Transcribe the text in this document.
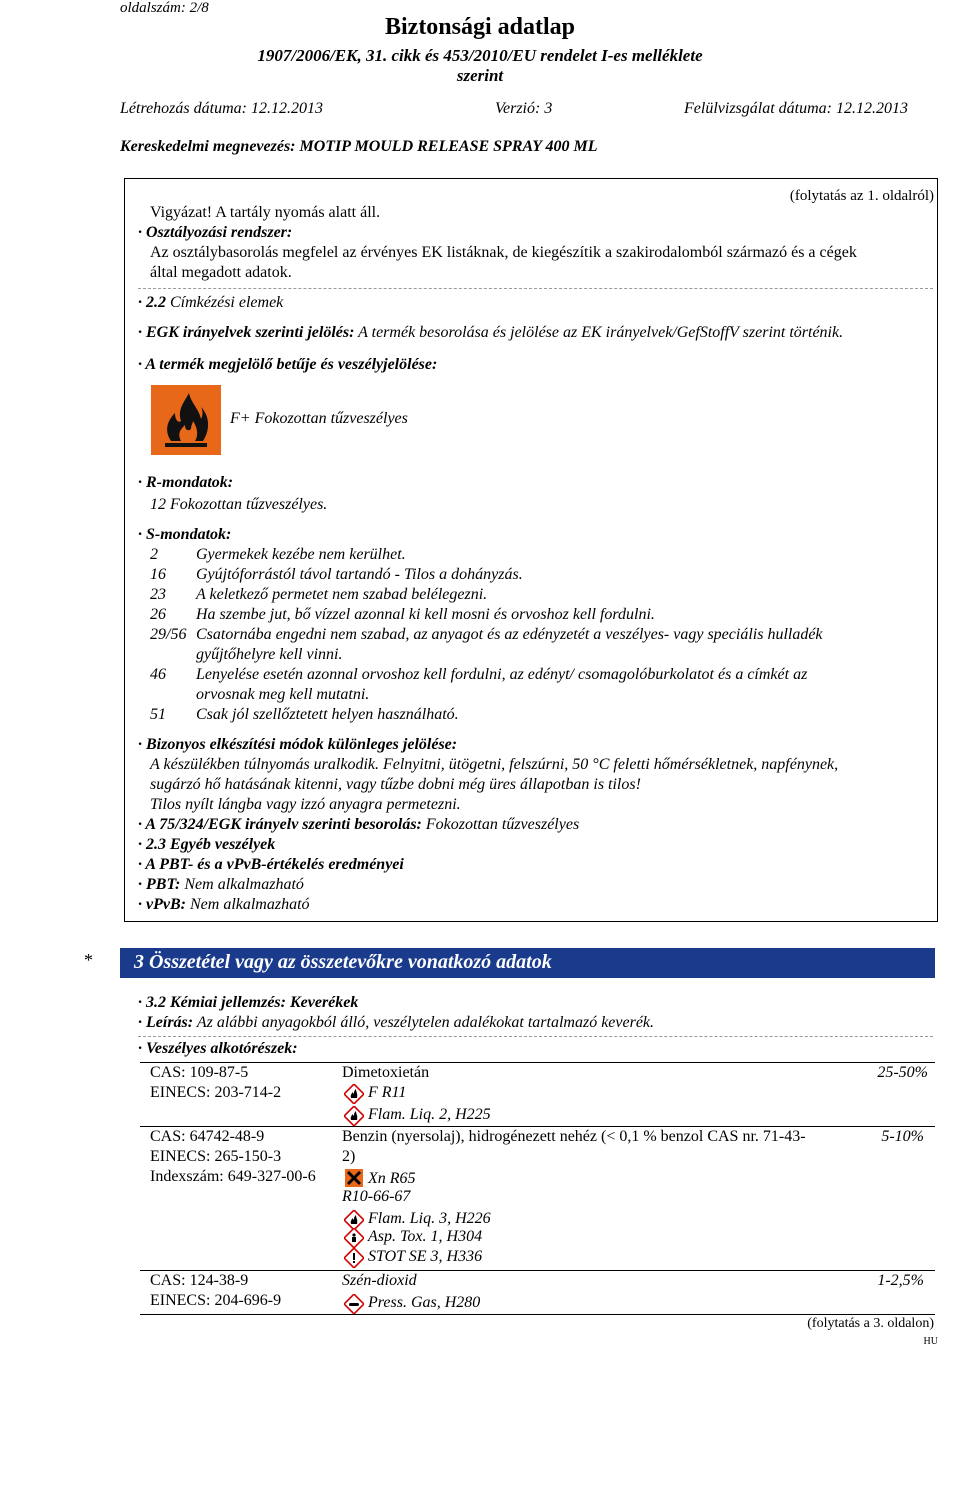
oldalszám: 2/8
Biztonsági adatlap
1907/2006/EK, 31. cikk és 453/2010/EU rendelet I-es melléklete
szerint
Létrehozás dátuma: 12.12.2013	Verzió: 3	Felülvizsgálat dátuma: 12.12.2013
Kereskedelmi megnevezés: MOTIP MOULD RELEASE SPRAY 400 ML
(folytatás az 1. oldalról)
Vigyázat! A tartály nyomás alatt áll.
· Osztályozási rendszer:
Az osztálybasorolás megfelel az érvényes EK listáknak, de kiegészítik a szakirodalomból származó és a cégek
által megadott adatok.
· 2.2 Címkézési elemek
· EGK irányelvek szerinti jelölés: A termék besorolása és jelölése az EK irányelvek/GefStoffV szerint történik.
· A termék megjelölő betűje és veszélyjelölése:
F+ Fokozottan tűzveszélyes
· R-mondatok:
12 Fokozottan tűzveszélyes.
· S-mondatok:
2 Gyermekek kezébe nem kerülhet.
16 Gyújtóforrástól távol tartandó - Tilos a dohányzás.
23 A keletkező permetet nem szabad belélegezni.
26 Ha szembe jut, bő vízzel azonnal ki kell mosni és orvoshoz kell fordulni.
29/56 Csatornába engedni nem szabad, az anyagot és az edényzetét a veszélyes- vagy speciális hulladék
gyűjtőhelyre kell vinni.
46 Lenyelése esetén azonnal orvoshoz kell fordulni, az edényt/ csomagolóburkolatot és a címkét az
orvosnak meg kell mutatni.
51 Csak jól szellőztetett helyen használható.
· Bizonyos elkészítési módok különleges jelölése:
A készülékben túlnyomás uralkodik. Felnyitni, ütögetni, felszúrni, 50 °C feletti hőmérsékletnek, napfénynek,
sugárzó hő hatásának kitenni, vagy tűzbe dobni még üres állapotban is tilos!
Tilos nyílt lángba vagy izzó anyagra permetezni.
· A 75/324/EGK irányelv szerinti besorolás: Fokozottan tűzveszélyes
· 2.3 Egyéb veszélyek
· A PBT- és a vPvB-értékelés eredményei
· PBT: Nem alkalmazható
· vPvB: Nem alkalmazható
* 3 Összetétel vagy az összetevőkre vonatkozó adatok
· 3.2 Kémiai jellemzés: Keverékek
· Leírás: Az alábbi anyagokból álló, veszélytelen adalékokat tartalmazó keverék.
· Veszélyes alkotórészek:
CAS: 109-87-5
EINECS: 203-714-2
Dimetoxietán
F R11
Flam. Liq. 2, H225
25-50%
CAS: 64742-48-9
EINECS: 265-150-3
Indexszám: 649-327-00-6
Benzin (nyersolaj), hidrogénezett nehéz (< 0,1 % benzol CAS nr. 71-43-
2)
Xn R65
R10-66-67
Flam. Liq. 3, H226
Asp. Tox. 1, H304
STOT SE 3, H336
5-10%
CAS: 124-38-9
EINECS: 204-696-9
Szén-dioxid
Press. Gas, H280
1-2,5%
(folytatás a 3. oldalon)
HU
